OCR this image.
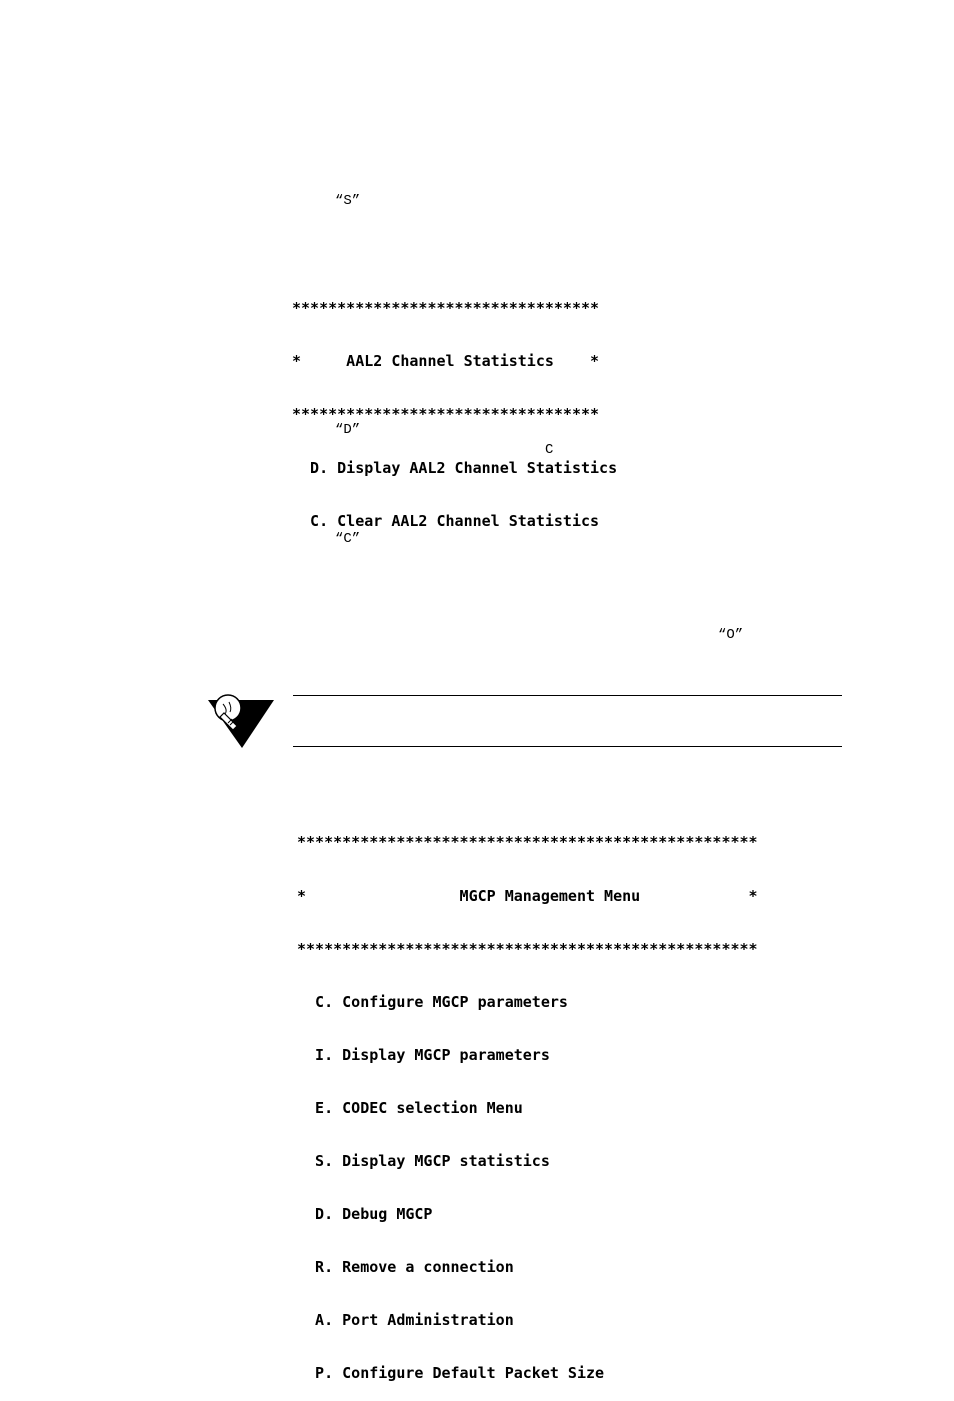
“S”

**********************************

*     AAL2 Channel Statistics    *

**********************************

D. Display AAL2 Channel Statistics

C. Clear AAL2 Channel Statistics

“D”
C
“C”
“O”

***************************************************

*                 MGCP Management Menu            *

***************************************************

C. Configure MGCP parameters

I. Display MGCP parameters

E. CODEC selection Menu

S. Display MGCP statistics

D. Debug MGCP

R. Remove a connection

A. Port Administration

P. Configure Default Packet Size
